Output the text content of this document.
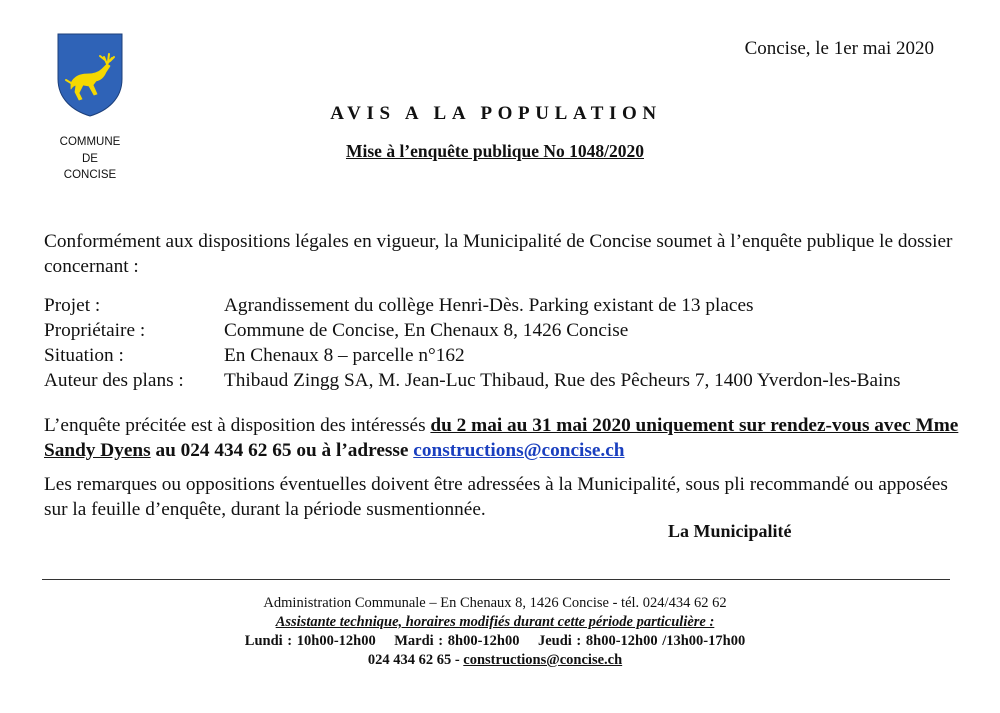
COMMUNE
DE
CONCISE
Concise, le 1er mai 2020
AVIS A LA POPULATION
Mise à l’enquête publique No 1048/2020
Conformément aux dispositions légales en vigueur, la Municipalité de Concise soumet à l’enquête publique le dossier concernant :
Projet :	Agrandissement du collège Henri-Dès. Parking existant de 13 places
Propriétaire :	Commune de Concise, En Chenaux 8, 1426 Concise
Situation :	En Chenaux 8 – parcelle n°162
Auteur des plans : Thibaud Zingg SA, M. Jean-Luc Thibaud, Rue des Pêcheurs 7, 1400 Yverdon-les-Bains
L’enquête précitée est à disposition des intéressés du 2 mai au 31 mai 2020 uniquement sur rendez-vous avec Mme Sandy Dyens au 024 434 62 65 ou à l’adresse constructions@concise.ch
Les remarques ou oppositions éventuelles doivent être adressées à la Municipalité, sous pli recommandé ou apposées sur la feuille d’enquête, durant la période susmentionnée.
La Municipalité
Administration Communale – En Chenaux 8, 1426 Concise - tél. 024/434 62 62
Assistante technique, horaires modifiés durant cette période particulière :
Lundi : 10h00-12h00    Mardi : 8h00-12h00    Jeudi : 8h00-12h00 /13h00-17h00
024 434 62 65 - constructions@concise.ch
